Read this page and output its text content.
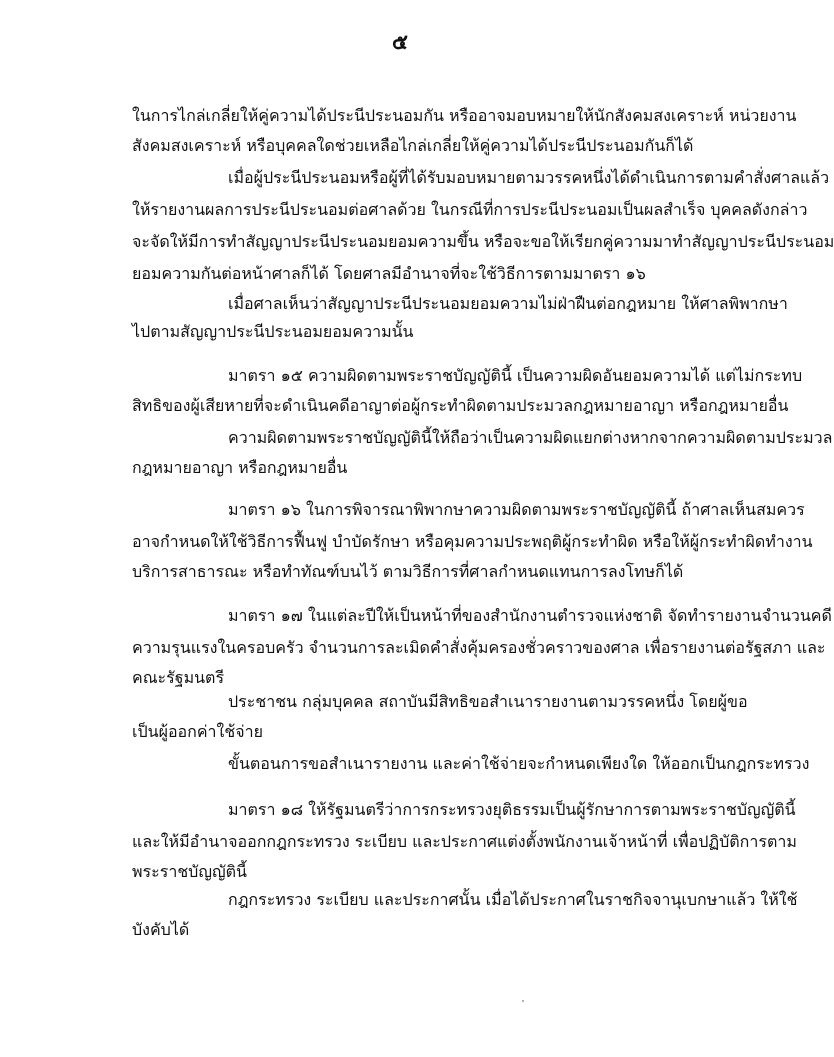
๕
ในการไกล่เกลี่ยให้คู่ความได้ประนีประนอมกัน หรืออาจมอบหมายให้นักสังคมสงเคราะห์ หน่วยงาน
สังคมสงเคราะห์ หรือบุคคลใดช่วยเหลือไกล่เกลี่ยให้คู่ความได้ประนีประนอมกันก็ได้
เมื่อผู้ประนีประนอมหรือผู้ที่ได้รับมอบหมายตามวรรคหนึ่งได้ดำเนินการตามคำสั่งศาลแล้ว
ให้รายงานผลการประนีประนอมต่อศาลด้วย ในกรณีที่การประนีประนอมเป็นผลสำเร็จ บุคคลดังกล่าว
จะจัดให้มีการทำสัญญาประนีประนอมยอมความขึ้น หรือจะขอให้เรียกคู่ความมาทำสัญญาประนีประนอม
ยอมความกันต่อหน้าศาลก็ได้ โดยศาลมีอำนาจที่จะใช้วิธีการตามมาตรา ๑๖
เมื่อศาลเห็นว่าสัญญาประนีประนอมยอมความไม่ฝ่าฝืนต่อกฎหมาย ให้ศาลพิพากษา
ไปตามสัญญาประนีประนอมยอมความนั้น
มาตรา ๑๕ ความผิดตามพระราชบัญญัตินี้ เป็นความผิดอันยอมความได้ แต่ไม่กระทบ
สิทธิของผู้เสียหายที่จะดำเนินคดีอาญาต่อผู้กระทำผิดตามประมวลกฎหมายอาญา หรือกฎหมายอื่น
ความผิดตามพระราชบัญญัตินี้ให้ถือว่าเป็นความผิดแยกต่างหากจากความผิดตามประมวล
กฎหมายอาญา หรือกฎหมายอื่น
มาตรา ๑๖ ในการพิจารณาพิพากษาความผิดตามพระราชบัญญัตินี้ ถ้าศาลเห็นสมควร
อาจกำหนดให้ใช้วิธีการฟื้นฟู บำบัดรักษา หรือคุมความประพฤติผู้กระทำผิด หรือให้ผู้กระทำผิดทำงาน
บริการสาธารณะ หรือทำทัณฑ์บนไว้ ตามวิธีการที่ศาลกำหนดแทนการลงโทษก็ได้
มาตรา ๑๗ ในแต่ละปีให้เป็นหน้าที่ของสำนักงานตำรวจแห่งชาติ จัดทำรายงานจำนวนคดี
ความรุนแรงในครอบครัว จำนวนการละเมิดคำสั่งคุ้มครองชั่วคราวของศาล เพื่อรายงานต่อรัฐสภา และ
คณะรัฐมนตรี
ประชาชน กลุ่มบุคคล สถาบันมีสิทธิขอสำเนารายงานตามวรรคหนึ่ง โดยผู้ขอ
เป็นผู้ออกค่าใช้จ่าย
ขั้นตอนการขอสำเนารายงาน และค่าใช้จ่ายจะกำหนดเพียงใด ให้ออกเป็นกฎกระทรวง
มาตรา ๑๘ ให้รัฐมนตรีว่าการกระทรวงยุติธรรมเป็นผู้รักษาการตามพระราชบัญญัตินี้
และให้มีอำนาจออกกฎกระทรวง ระเบียบ และประกาศแต่งตั้งพนักงานเจ้าหน้าที่ เพื่อปฏิบัติการตาม
พระราชบัญญัตินี้
กฎกระทรวง ระเบียบ และประกาศนั้น เมื่อได้ประกาศในราชกิจจานุเบกษาแล้ว ให้ใช้
บังคับได้
